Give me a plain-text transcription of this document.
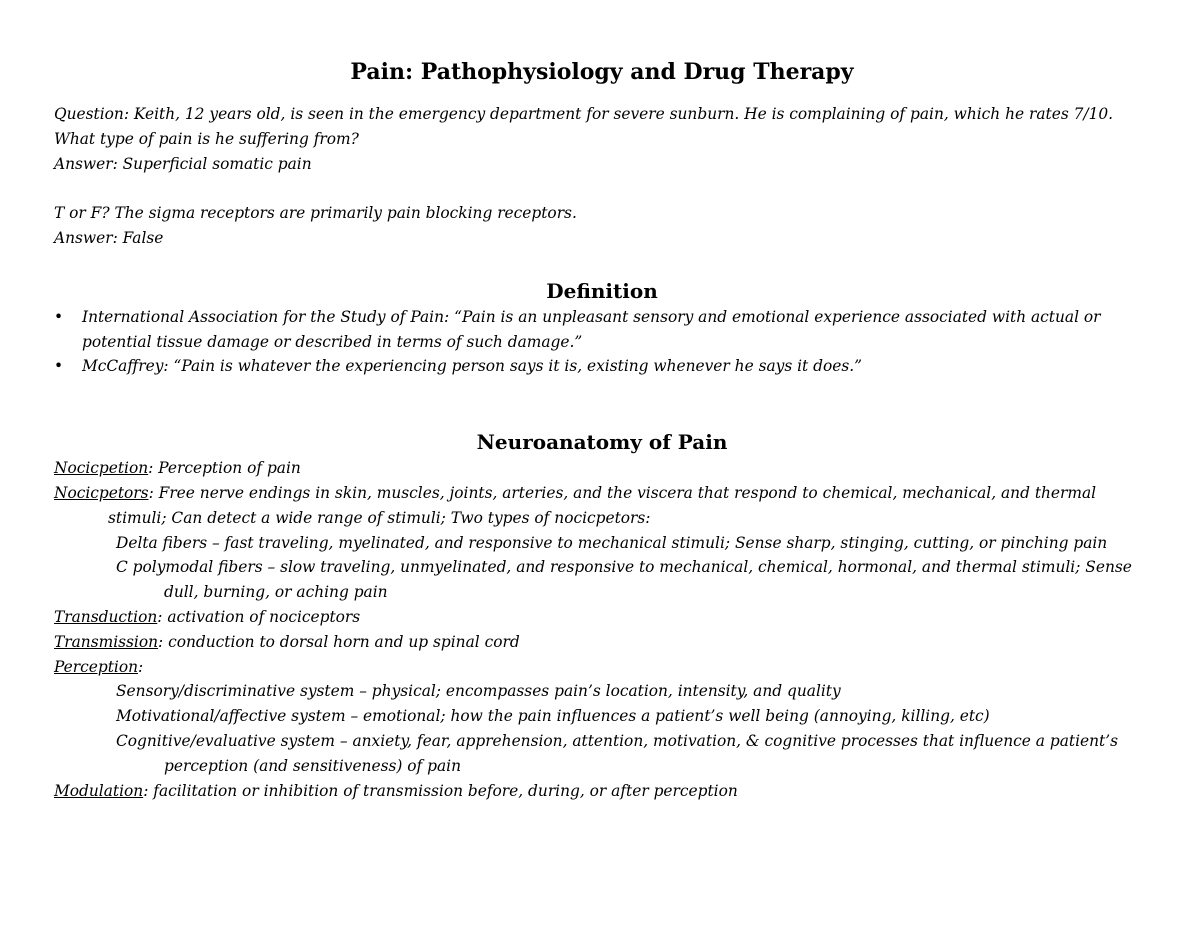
Pain: Pathophysiology and Drug Therapy

Question: Keith, 12 years old, is seen in the emergency department for severe sunburn. He is complaining of pain, which he rates 7/10. What type of pain is he suffering from?

Answer: Superficial somatic pain

T or F? The sigma receptors are primarily pain blocking receptors.

Answer: False

Definition
• International Association for the Study of Pain: “Pain is an unpleasant sensory and emotional experience associated with actual or potential tissue damage or described in terms of such damage.”
• McCaffrey: “Pain is whatever the experiencing person says it is, existing whenever he says it does.”
Neuroanatomy of Pain

Nocicpetion: Perception of pain

Nocicpetors: Free nerve endings in skin, muscles, joints, arteries, and the viscera that respond to chemical, mechanical, and thermal stimuli; Can detect a wide range of stimuli; Two types of nocicpetors:

Delta fibers – fast traveling, myelinated, and responsive to mechanical stimuli; Sense sharp, stinging, cutting, or pinching pain

C polymodal fibers – slow traveling, unmyelinated, and responsive to mechanical, chemical, hormonal, and thermal stimuli; Sense dull, burning, or aching pain

Transduction: activation of nociceptors

Transmission: conduction to dorsal horn and up spinal cord

Perception:

Sensory/discriminative system – physical; encompasses pain’s location, intensity, and quality

Motivational/affective system – emotional; how the pain influences a patient’s well being (annoying, killing, etc)

Cognitive/evaluative system – anxiety, fear, apprehension, attention, motivation, & cognitive processes that influence a patient’s perception (and sensitiveness) of pain

Modulation: facilitation or inhibition of transmission before, during, or after perception
